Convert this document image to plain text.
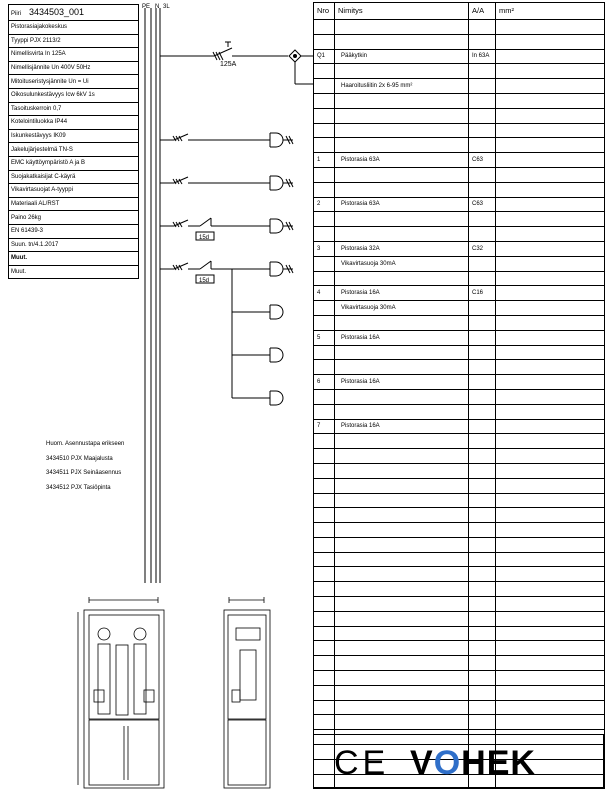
Piiri 3434503_001
Pistorasiajakokeskus
Tyyppi PJX 2113/2
Nimellisvirta In 125A
Nimellisjännite Un 400V 50Hz
Mitoituseristysjännite Un = Ui
Oikosulunkestävyys Icw 6kV 1s
Tasoituskerroin 0,7
Kotelointiluokka IP44
Iskunkestävyys IK09
Jakelujärjestelmä TN-S
EMC käyttöympäristö A ja B
Suojakatkaisijat C-käyrä
Vikavirtasuojat A-tyyppi
Materiaali AL/RST
Paino 26kg
EN 61439-3
Suun. tn/4.1.2017
Muut.
Muut.
Huom. Asennustapa erikseen
3434510 PJX Maajalusta
3434511 PJX Seinäasennus
3434512 PJX Tasiöpinta
PE N 3L
125A
15d
15d
Nro	Nimitys	A/A	mm²

Q1	Pääkytkin	In 63A	

	Haaroitusliitin 2x 6-95 mm²		

1	Pistorasia 63A	C63	

2	Pistorasia 63A	C63	

3	Pistorasia 32A	C32	
	Vikavirtasuoja 30mA		

4	Pistorasia 16A	C16	
	Vikavirtasuoja 30mA		

5	Pistorasia 16A		

6	Pistorasia 16A		

7	Pistorasia 16A		

CE VOHEK
